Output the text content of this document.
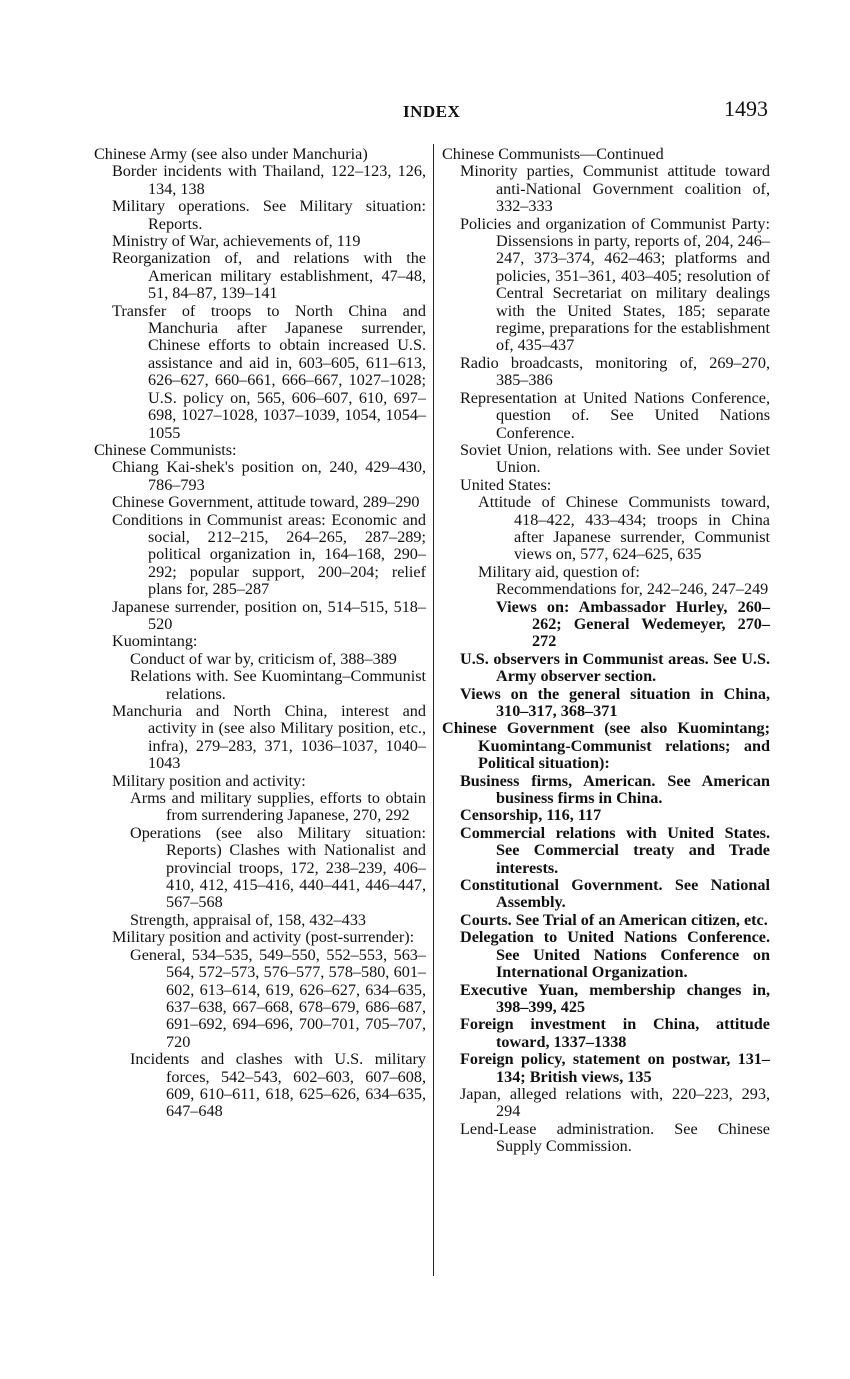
INDEX	1493
Chinese Army (see also under Manchuria)
Border incidents with Thailand, 122–123, 126, 134, 138
Military operations. See Military situation: Reports.
Ministry of War, achievements of, 119
Reorganization of, and relations with the American military establishment, 47–48, 51, 84–87, 139–141
Transfer of troops to North China and Manchuria after Japanese surrender, Chinese efforts to obtain increased U.S. assistance and aid in, 603–605, 611–613, 626–627, 660–661, 666–667, 1027–1028; U.S. policy on, 565, 606–607, 610, 697–698, 1027–1028, 1037–1039, 1054, 1054–1055
Chinese Communists:
Chiang Kai-shek's position on, 240, 429–430, 786–793
Chinese Government, attitude toward, 289–290
Conditions in Communist areas: Economic and social, 212–215, 264–265, 287–289; political organization in, 164–168, 290–292; popular support, 200–204; relief plans for, 285–287
Japanese surrender, position on, 514–515, 518–520
Kuomintang:
Conduct of war by, criticism of, 388–389
Relations with. See Kuomintang–Communist relations.
Manchuria and North China, interest and activity in (see also Military position, etc., infra), 279–283, 371, 1036–1037, 1040–1043
Military position and activity:
Arms and military supplies, efforts to obtain from surrendering Japanese, 270, 292
Operations (see also Military situation: Reports) Clashes with Nationalist and provincial troops, 172, 238–239, 406–410, 412, 415–416, 440–441, 446–447, 567–568
Strength, appraisal of, 158, 432–433
Military position and activity (post-surrender):
General, 534–535, 549–550, 552–553, 563–564, 572–573, 576–577, 578–580, 601–602, 613–614, 619, 626–627, 634–635, 637–638, 667–668, 678–679, 686–687, 691–692, 694–696, 700–701, 705–707, 720
Incidents and clashes with U.S. military forces, 542–543, 602–603, 607–608, 609, 610–611, 618, 625–626, 634–635, 647–648
Chinese Communists—Continued
Minority parties, Communist attitude toward anti-National Government coalition of, 332–333
Policies and organization of Communist Party: Dissensions in party, reports of, 204, 246–247, 373–374, 462–463; platforms and policies, 351–361, 403–405; resolution of Central Secretariat on military dealings with the United States, 185; separate regime, preparations for the establishment of, 435–437
Radio broadcasts, monitoring of, 269–270, 385–386
Representation at United Nations Conference, question of. See United Nations Conference.
Soviet Union, relations with. See under Soviet Union.
United States:
Attitude of Chinese Communists toward, 418–422, 433–434; troops in China after Japanese surrender, Communist views on, 577, 624–625, 635
Military aid, question of:
Recommendations for, 242–246, 247–249
Views on: Ambassador Hurley, 260–262; General Wedemeyer, 270–272
U.S. observers in Communist areas. See U.S. Army observer section.
Views on the general situation in China, 310–317, 368–371
Chinese Government (see also Kuomintang; Kuomintang-Communist relations; and Political situation):
Business firms, American. See American business firms in China.
Censorship, 116, 117
Commercial relations with United States. See Commercial treaty and Trade interests.
Constitutional Government. See National Assembly.
Courts. See Trial of an American citizen, etc.
Delegation to United Nations Conference. See United Nations Conference on International Organization.
Executive Yuan, membership changes in, 398–399, 425
Foreign investment in China, attitude toward, 1337–1338
Foreign policy, statement on postwar, 131–134; British views, 135
Japan, alleged relations with, 220–223, 293, 294
Lend-Lease administration. See Chinese Supply Commission.
